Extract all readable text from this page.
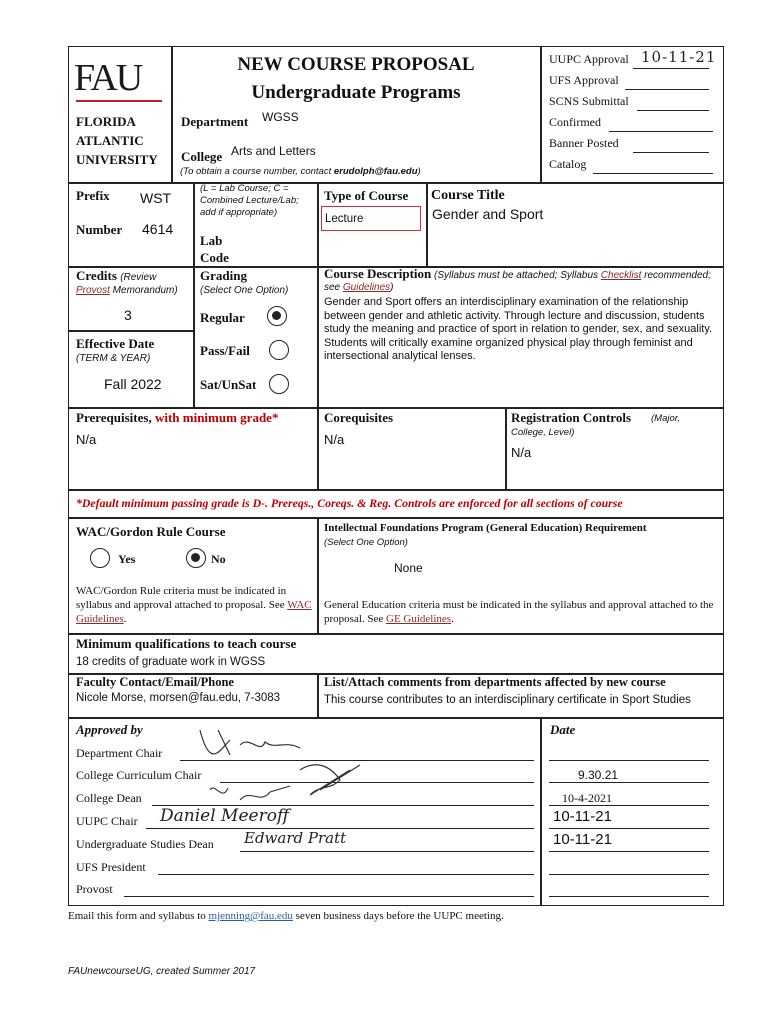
FAU
FLORIDA
ATLANTIC
UNIVERSITY
NEW COURSE PROPOSAL
Undergraduate Programs
Department WGSS
College Arts and Letters
(To obtain a course number, contact erudolph@fau.edu)
UUPC Approval 10-11-21
UFS Approval
SCNS Submittal
Confirmed
Banner Posted
Catalog
Prefix WST
Number 4614
(L = Lab Course; C = Combined Lecture/Lab; add if appropriate)
Lab
Code
Type of Course
Lecture
Course Title
Gender and Sport
Credits (Review
Provost Memorandum)
3
Effective Date
(TERM & YEAR)
Fall 2022
Grading
(Select One Option)
Regular
Pass/Fail
Sat/UnSat
Course Description (Syllabus must be attached; Syllabus Checklist recommended; see Guidelines)
Gender and Sport offers an interdisciplinary examination of the relationship between gender and athletic activity. Through lecture and discussion, students study the meaning and practice of sport in relation to gender, sex, and sexuality. Students will critically examine organized physical play through feminist and intersectional analytical lenses.
Prerequisites, with minimum grade*
N/a
Corequisites
N/a
Registration Controls	(Major, College, Level)
N/a
*Default minimum passing grade is D-. Prereqs., Coreqs. & Reg. Controls are enforced for all sections of course
WAC/Gordon Rule Course
Yes	No
WAC/Gordon Rule criteria must be indicated in syllabus and approval attached to proposal. See WAC Guidelines.
Intellectual Foundations Program (General Education) Requirement
(Select One Option)
None
General Education criteria must be indicated in the syllabus and approval attached to the proposal. See GE Guidelines.
Minimum qualifications to teach course
18 credits of graduate work in WGSS
Faculty Contact/Email/Phone
Nicole Morse, morsen@fau.edu, 7-3083
List/Attach comments from departments affected by new course
This course contributes to an interdisciplinary certificate in Sport Studies
Approved by	Date
Department Chair
College Curriculum Chair	9.30.21
College Dean	10-4-2021
UUPC Chair Daniel Meeroff	10-11-21
Undergraduate Studies Dean Edward Pratt	10-11-21
UFS President
Provost
Email this form and syllabus to mjenning@fau.edu seven business days before the UUPC meeting.
FAUnewcourseUG, created Summer 2017
